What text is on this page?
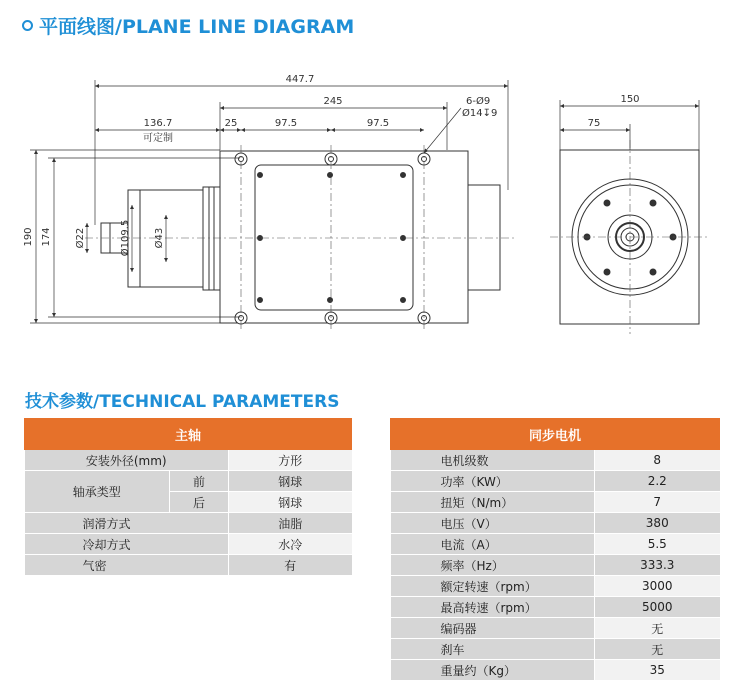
平面线图/PLANE LINE DIAGRAM
447.7
245	6-Ø9
Ø14↧9
136.7
可定制
25	97.5	97.5
190 174 Ø22	Ø109.5 Ø43
150
75
技术参数/TECHNICAL PARAMETERS
主轴		
安装外径(mm)		方形
轴承类型	前	钢球
	后	钢球
润滑方式		油脂
冷却方式		水冷
气密		有
同步电机	
电机级数	8
功率（KW）	2.2
扭矩（N/m）	7
电压（V）	380
电流（A）	5.5
频率（Hz）	333.3
额定转速（rpm）	3000
最高转速（rpm）	5000
编码器	无
刹车	无
重量约（Kg）	35
